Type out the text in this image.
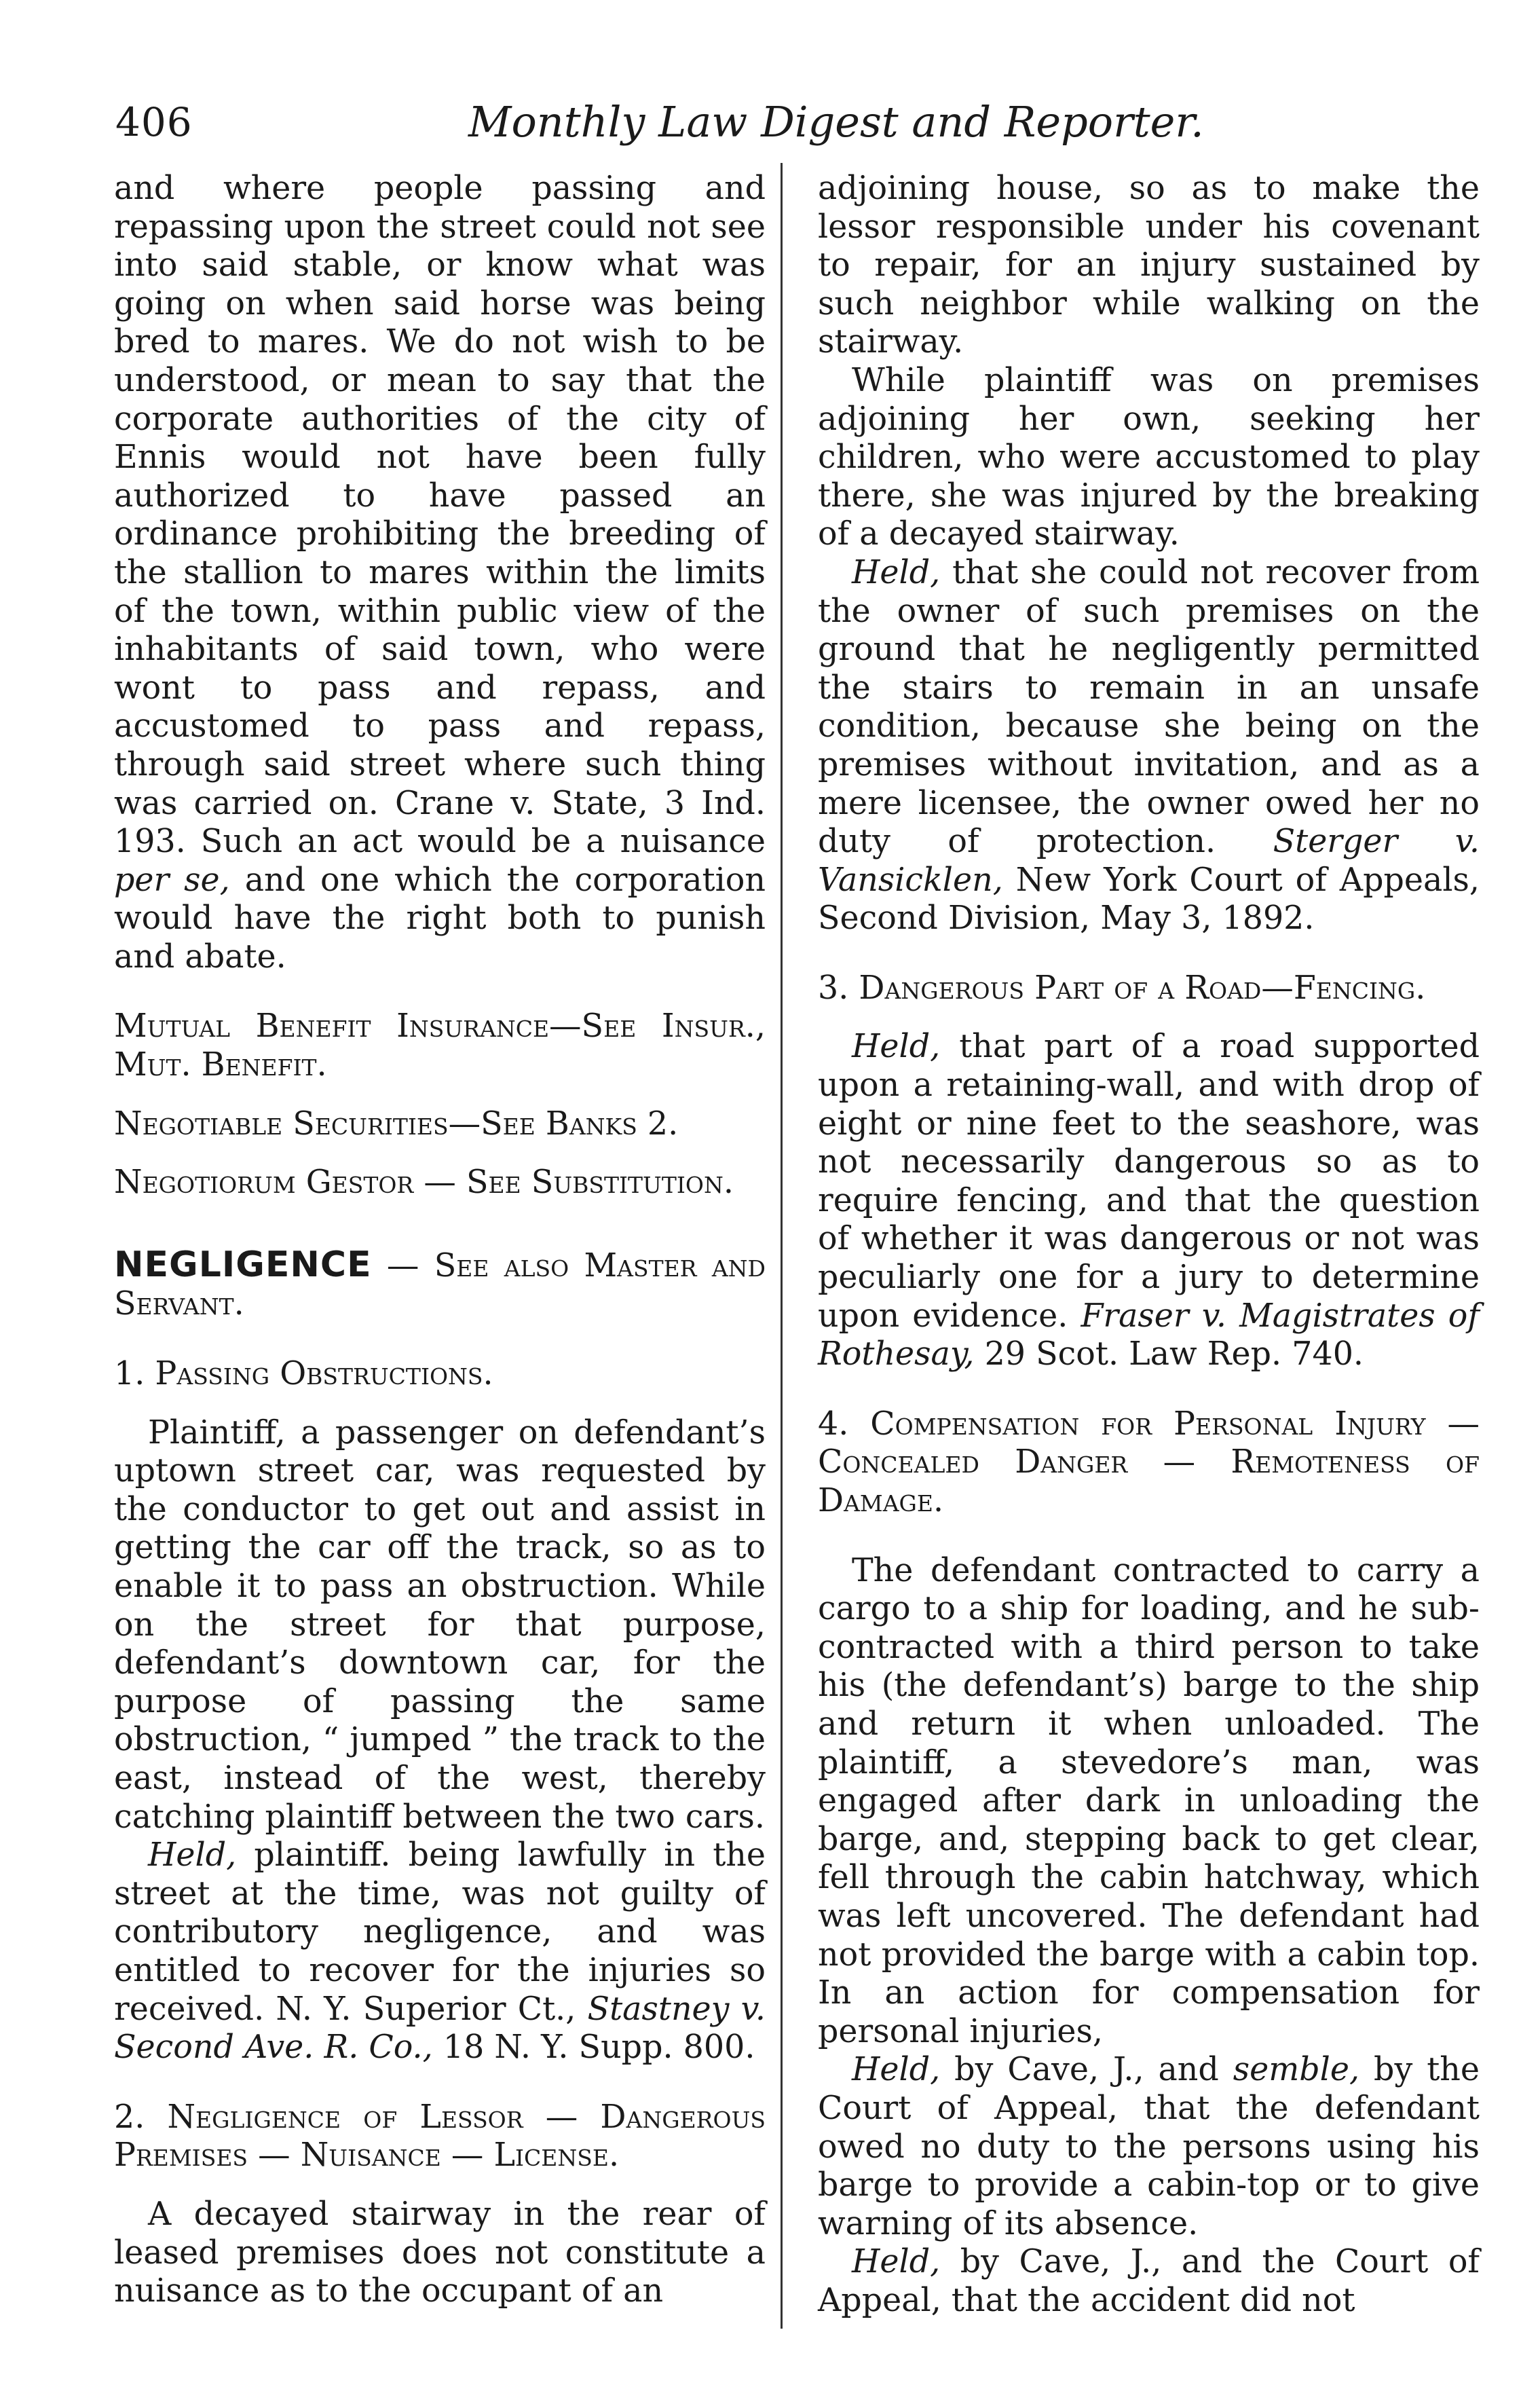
406	Monthly Law Digest and Reporter.

and where people passing and repassing upon the street could not see into said stable, or know what was going on when said horse was being bred to mares. We do not wish to be understood, or mean to say that the corporate authorities of the city of Ennis would not have been fully authorized to have passed an ordinance prohibiting the breeding of the stallion to mares within the limits of the town, within public view of the inhabitants of said town, who were wont to pass and repass, and accustomed to pass and repass, through said street where such thing was carried on. Crane v. State, 3 Ind. 193. Such an act would be a nuisance per se, and one which the corporation would have the right both to punish and abate.

Mutual Benefit Insurance—See Insur., Mut. Benefit.

Negotiable Securities—See Banks 2.

Negotiorum Gestor — See Substitution.

NEGLIGENCE — See also Master and Servant.

1. Passing Obstructions.

Plaintiff, a passenger on defendant’s uptown street car, was requested by the conductor to get out and assist in getting the car off the track, so as to enable it to pass an obstruction. While on the street for that purpose, defendant’s downtown car, for the purpose of passing the same obstruction, “ jumped ” the track to the east, instead of the west, thereby catching plaintiff between the two cars.

Held, plaintiff. being lawfully in the street at the time, was not guilty of contributory negligence, and was entitled to recover for the injuries so received. N. Y. Superior Ct., Stastney v. Second Ave. R. Co., 18 N. Y. Supp. 800.

2. Negligence of Lessor — Dangerous Premises — Nuisance — License.

A decayed stairway in the rear of leased premises does not constitute a nuisance as to the occupant of an

adjoining house, so as to make the lessor responsible under his covenant to repair, for an injury sustained by such neighbor while walking on the stairway.

While plaintiff was on premises adjoining her own, seeking her children, who were accustomed to play there, she was injured by the breaking of a decayed stairway.

Held, that she could not recover from the owner of such premises on the ground that he negligently permitted the stairs to remain in an unsafe condition, because she being on the premises without invitation, and as a mere licensee, the owner owed her no duty of protection. Sterger v. Vansicklen, New York Court of Appeals, Second Division, May 3, 1892.

3. Dangerous Part of a Road—Fencing.

Held, that part of a road supported upon a retaining-wall, and with drop of eight or nine feet to the seashore, was not necessarily dangerous so as to require fencing, and that the question of whether it was dangerous or not was peculiarly one for a jury to determine upon evidence. Fraser v. Magistrates of Rothesay, 29 Scot. Law Rep. 740.

4. Compensation for Personal Injury — Concealed Danger — Remoteness of Damage.

The defendant contracted to carry a cargo to a ship for loading, and he sub-contracted with a third person to take his (the defendant’s) barge to the ship and return it when unloaded. The plaintiff, a stevedore’s man, was engaged after dark in unloading the barge, and, stepping back to get clear, fell through the cabin hatchway, which was left uncovered. The defendant had not provided the barge with a cabin top. In an action for compensation for personal injuries,

Held, by Cave, J., and semble, by the Court of Appeal, that the defendant owed no duty to the persons using his barge to provide a cabin-top or to give warning of its absence.

Held, by Cave, J., and the Court of Appeal, that the accident did not
